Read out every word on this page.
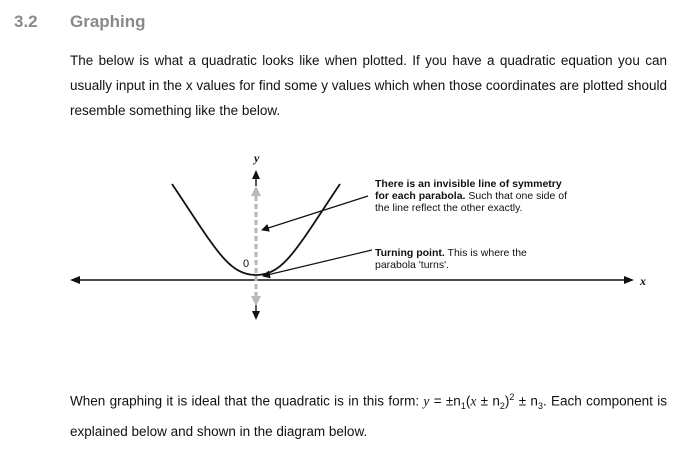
3.2 Graphing
The below is what a quadratic looks like when plotted. If you have a quadratic equation you can usually input in the x values for find some y values which when those coordinates are plotted should resemble something like the below.
y
x
0
There is an invisible line of symmetry for each parabola. Such that one side of the line reflect the other exactly.
Turning point. This is where the parabola 'turns'.
When graphing it is ideal that the quadratic is in this form: $y = \pm n_1(x \pm n_2)^2 \pm n_3$. Each component is explained below and shown in the diagram below.
